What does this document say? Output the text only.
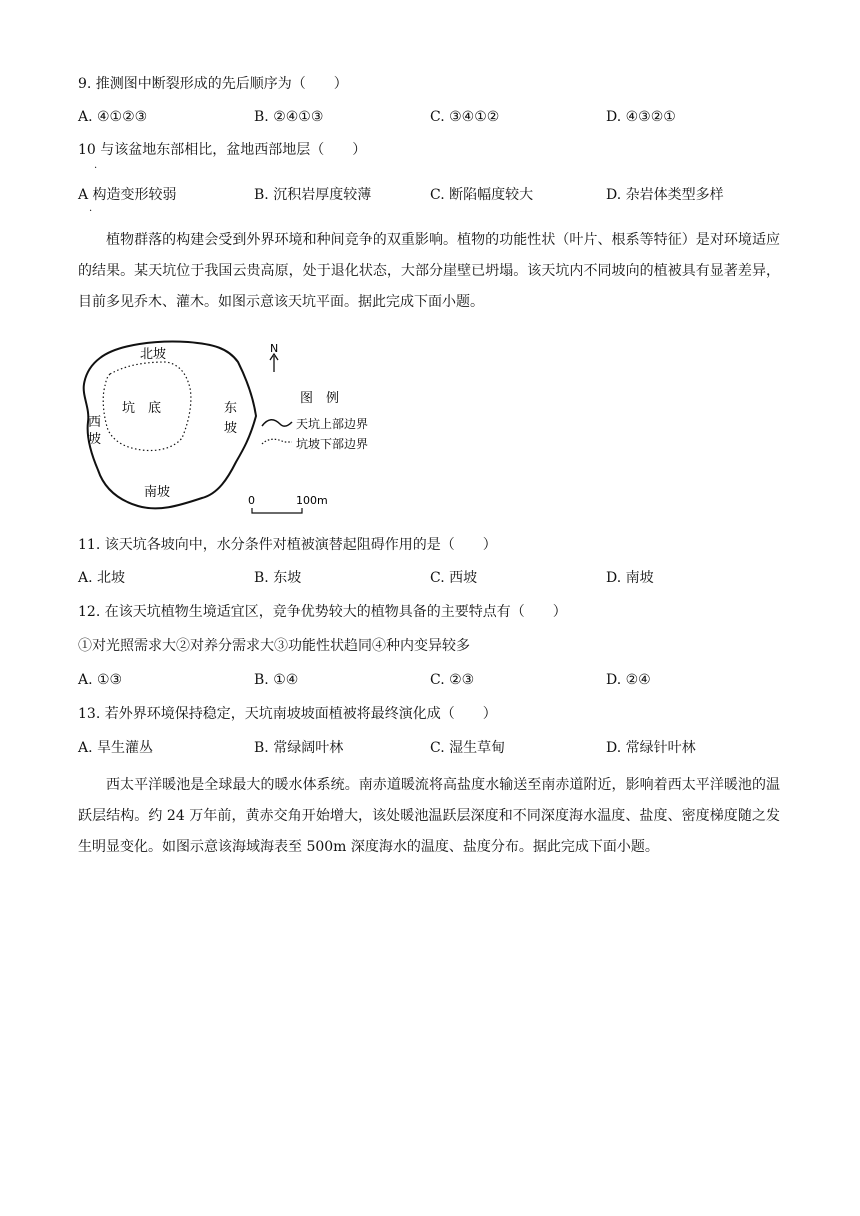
9. 推测图中断裂形成的先后顺序为（　　）
A. ④①②③	B. ②④①③	C. ③④①②	D. ④③②①
10 与该盆地东部相比，盆地西部地层（　　）
.
A 构造变形较弱	B. 沉积岩厚度较薄	C. 断陷幅度较大	D. 杂岩体类型多样
.
植物群落的构建会受到外界环境和种间竞争的双重影响。植物的功能性状（叶片、根系等特征）是对环境适应的结果。某天坑位于我国云贵高原，处于退化状态，大部分崖壁已坍塌。该天坑内不同坡向的植被具有显著差异，目前多见乔木、灌木。如图示意该天坑平面。据此完成下面小题。
北坡
坑　底	东
坡
西
坡
南坡
N
图　例
天坑上部边界
坑坡下部边界
0	100m
11. 该天坑各坡向中，水分条件对植被演替起阻碍作用的是（　　）
A. 北坡	B. 东坡	C. 西坡	D. 南坡
12. 在该天坑植物生境适宜区，竞争优势较大的植物具备的主要特点有（　　）
①对光照需求大②对养分需求大③功能性状趋同④种内变异较多
A. ①③	B. ①④	C. ②③	D. ②④
13. 若外界环境保持稳定，天坑南坡坡面植被将最终演化成（　　）
A. 旱生灌丛	B. 常绿阔叶林	C. 湿生草甸	D. 常绿针叶林
西太平洋暖池是全球最大的暖水体系统。南赤道暖流将高盐度水输送至南赤道附近，影响着西太平洋暖池的温跃层结构。约 24 万年前，黄赤交角开始增大，该处暖池温跃层深度和不同深度海水温度、盐度、密度梯度随之发生明显变化。如图示意该海域海表至 500m 深度海水的温度、盐度分布。据此完成下面小题。
